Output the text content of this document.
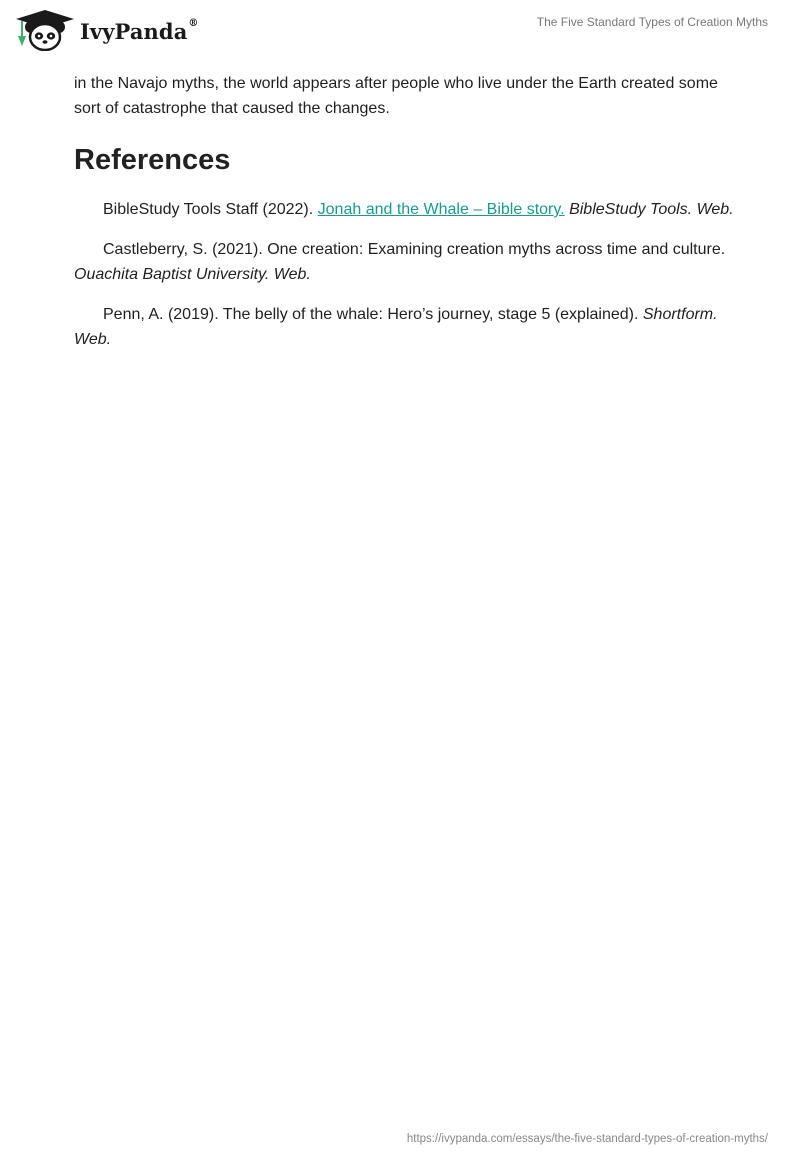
IvyPanda®	The Five Standard Types of Creation Myths

in the Navajo myths, the world appears after people who live under the Earth created some sort of catastrophe that caused the changes.

References

BibleStudy Tools Staff (2022). Jonah and the Whale – Bible story. BibleStudy Tools. Web.

Castleberry, S. (2021). One creation: Examining creation myths across time and culture. Ouachita Baptist University. Web.

Penn, A. (2019). The belly of the whale: Hero’s journey, stage 5 (explained). Shortform. Web.

https://ivypanda.com/essays/the-five-standard-types-of-creation-myths/
